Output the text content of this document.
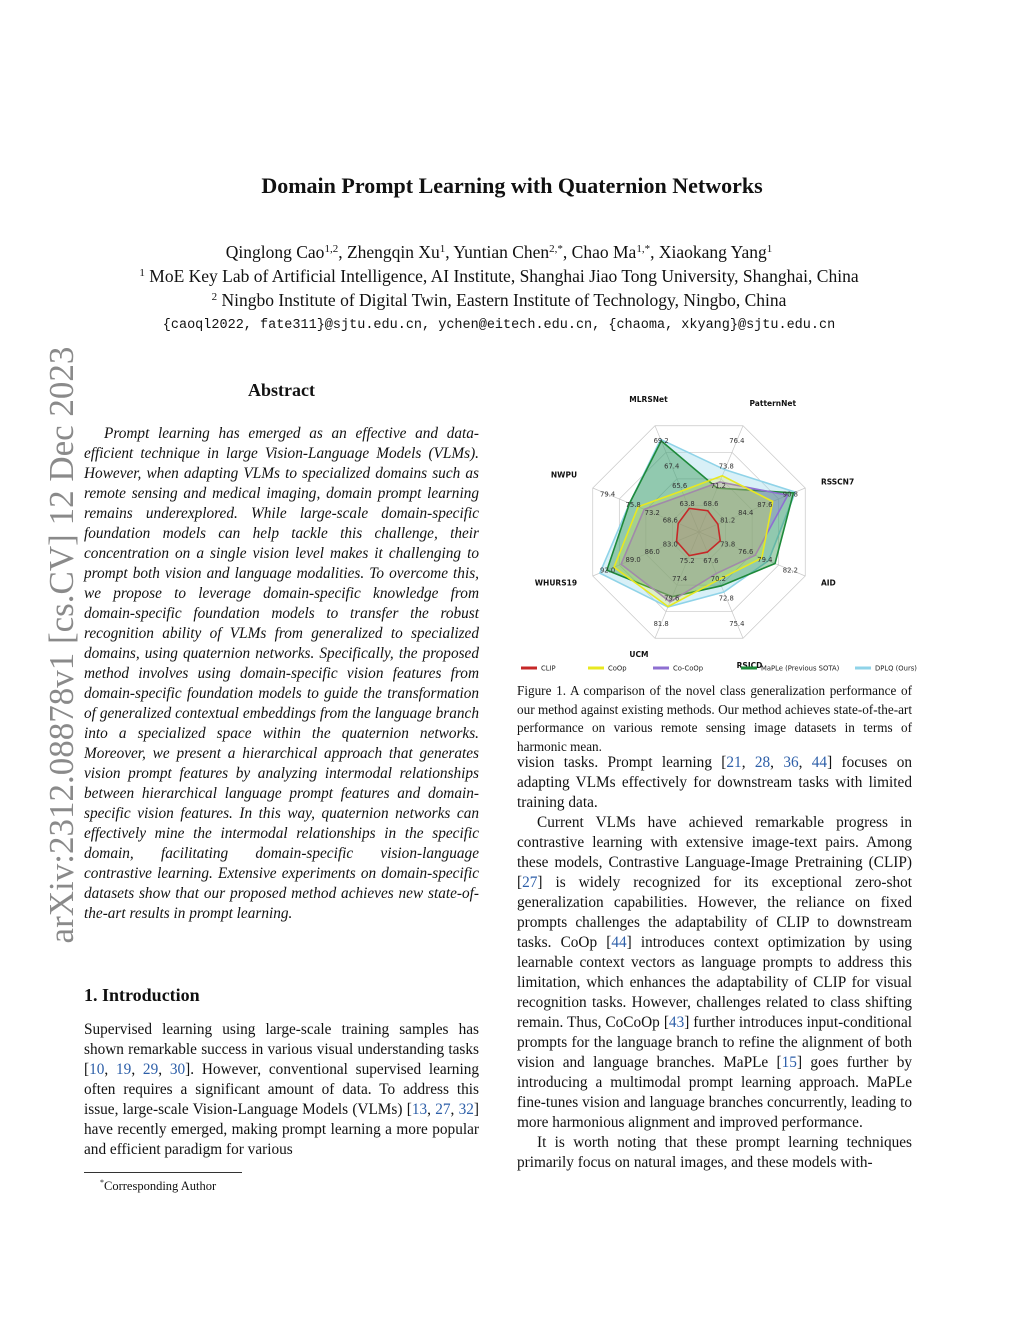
arXiv:2312.08878v1 [cs.CV] 12 Dec 2023
Domain Prompt Learning with Quaternion Networks
Qinglong Cao$^{1,2}$, Zhengqin Xu$^1$, Yuntian Chen$^{2,*}$, Chao $Ma^{1,*}$, Xiaokang Yang$^1$
$^1$ MoE Key Lab of Artificial Intelligence, AI Institute, Shanghai Jiao Tong University, Shanghai, China
$^2$ Ningbo Institute of Digital Twin, Eastern Institute of Technology, Ningbo, China
{caoql2022, fate311}@sjtu.edu.cn, ychen@eitech.edu.cn, {chaoma, xkyang}@sjtu.edu.cn
Abstract

Prompt learning has emerged as an effective and data-efficient technique in large Vision-Language Models (VLMs). However, when adapting VLMs to specialized domains such as remote sensing and medical imaging, domain prompt learning remains underexplored. While large-scale domain-specific foundation models can help tackle this challenge, their concentration on a single vision level makes it challenging to prompt both vision and language modalities. To overcome this, we propose to leverage domain-specific knowledge from domain-specific foundation models to transfer the robust recognition ability of VLMs from generalized to specialized domains, using quaternion networks. Specifically, the proposed method involves using domain-specific vision features from domain-specific foundation models to guide the transformation of generalized contextual embeddings from the language branch into a specialized space within the quaternion networks. Moreover, we present a hierarchical approach that generates vision prompt features by analyzing intermodal relationships between hierarchical language prompt features and domain-specific vision features. In this way, quaternion networks can effectively mine the intermodal relationships in the specific domain, facilitating domain-specific vision-language contrastive learning. Extensive experiments on domain-specific datasets show that our proposed method achieves new state-of-the-art results in prompt learning.

1. Introduction

Supervised learning using large-scale training samples has shown remarkable success in various visual understanding tasks [10, 19, 29, 30]. However, conventional supervised learning often requires a significant amount of data. To address this issue, large-scale Vision-Language Models (VLMs) [13, 27, 32] have recently emerged, making prompt learning a more popular and efficient paradigm for various

*Corresponding Author
69.2
67.4
65.6
63.8
76.4
73.8
71.2
68.6
90.8
87.6
84.4
81.2
82.2
79.4
76.6
73.8
75.4
72.8
70.2
67.6
81.8
79.6
77.4
75.2
92.0
89.0
86.0
83.0
79.4
75.8
73.2
68.6
MLRSNet	PatternNet
RSSCN7
AID
RSICD
UCM
WHURS19
NWPU
CLIP	CoOp	Co-CoOp	MaPLe (Previous SOTA)	DPLQ (Ours)

Figure 1. A comparison of the novel class generalization performance of our method against existing methods. Our method achieves state-of-the-art performance on various remote sensing image datasets in terms of harmonic mean.

vision tasks. Prompt learning [21, 28, 36, 44] focuses on adapting VLMs effectively for downstream tasks with limited training data.

Current VLMs have achieved remarkable progress in contrastive learning with extensive image-text pairs. Among these models, Contrastive Language-Image Pretraining (CLIP) [27] is widely recognized for its exceptional zero-shot generalization capabilities. However, the reliance on fixed prompts challenges the adaptability of CLIP to downstream tasks. CoOp [44] introduces context optimization by using learnable context vectors as language prompts to address this limitation, which enhances the adaptability of CLIP for visual recognition tasks. However, challenges related to class shifting remain. Thus, CoCoOp [43] further introduces input-conditional prompts for the language branch to refine the alignment of both vision and language branches. MaPLe [15] goes further by introducing a multimodal prompt learning approach. MaPLe fine-tunes vision and language branches concurrently, leading to more harmonious alignment and improved performance.

It is worth noting that these prompt learning techniques primarily focus on natural images, and these models with-
